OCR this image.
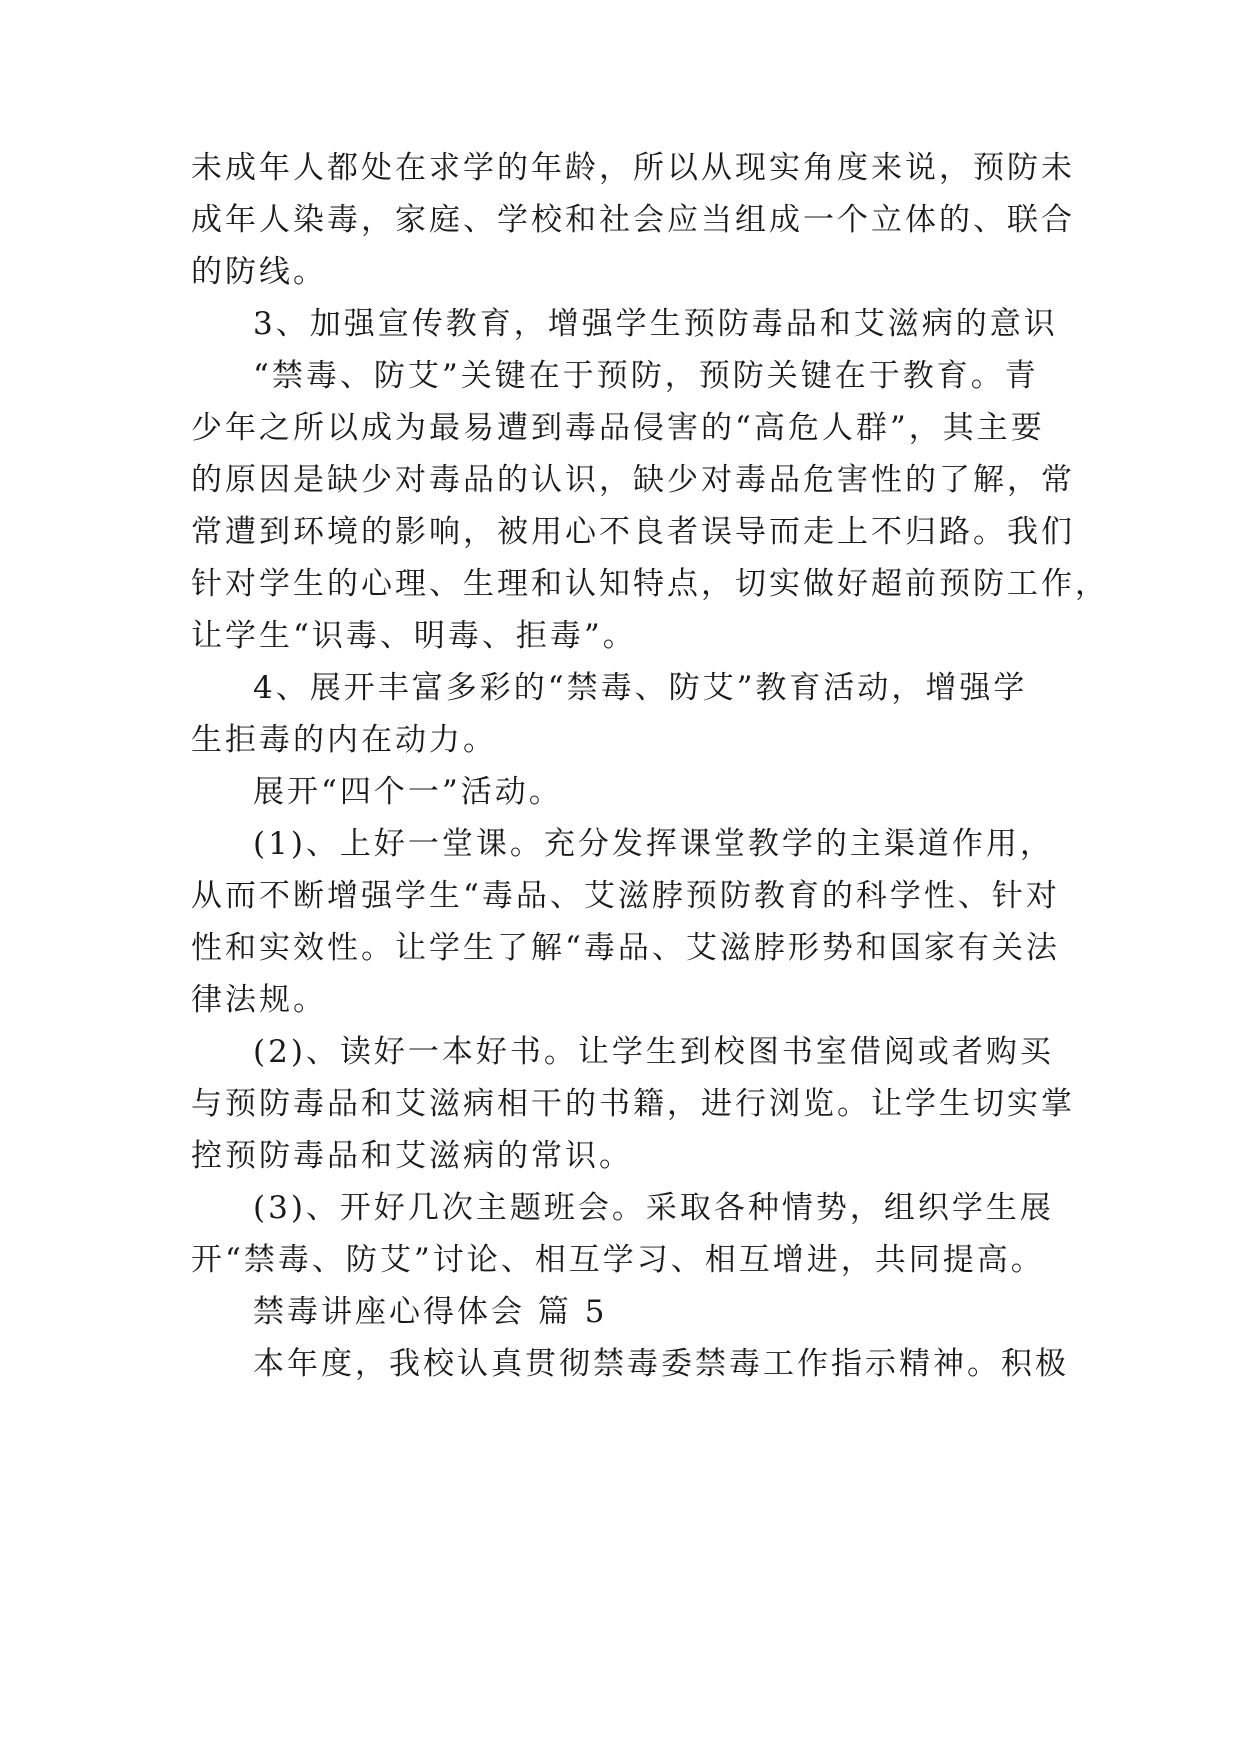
未成年人都处在求学的年龄，所以从现实角度来说，预防未
成年人染毒，家庭、学校和社会应当组成一个立体的、联合
的防线。
3、加强宣传教育，增强学生预防毒品和艾滋病的意识
“禁毒、防艾”关键在于预防，预防关键在于教育。青
少年之所以成为最易遭到毒品侵害的“高危人群”，其主要
的原因是缺少对毒品的认识，缺少对毒品危害性的了解，常
常遭到环境的影响，被用心不良者误导而走上不归路。我们
针对学生的心理、生理和认知特点，切实做好超前预防工作，
让学生“识毒、明毒、拒毒”。
4、展开丰富多彩的“禁毒、防艾”教育活动，增强学
生拒毒的内在动力。
展开“四个一”活动。
(1)、上好一堂课。充分发挥课堂教学的主渠道作用，
从而不断增强学生“毒品、艾滋脖预防教育的科学性、针对
性和实效性。让学生了解“毒品、艾滋脖形势和国家有关法
律法规。
(2)、读好一本好书。让学生到校图书室借阅或者购买
与预防毒品和艾滋病相干的书籍，进行浏览。让学生切实掌
控预防毒品和艾滋病的常识。
(3)、开好几次主题班会。采取各种情势，组织学生展
开“禁毒、防艾”讨论、相互学习、相互增进，共同提高。
禁毒讲座心得体会 篇 5
本年度，我校认真贯彻禁毒委禁毒工作指示精神。积极
